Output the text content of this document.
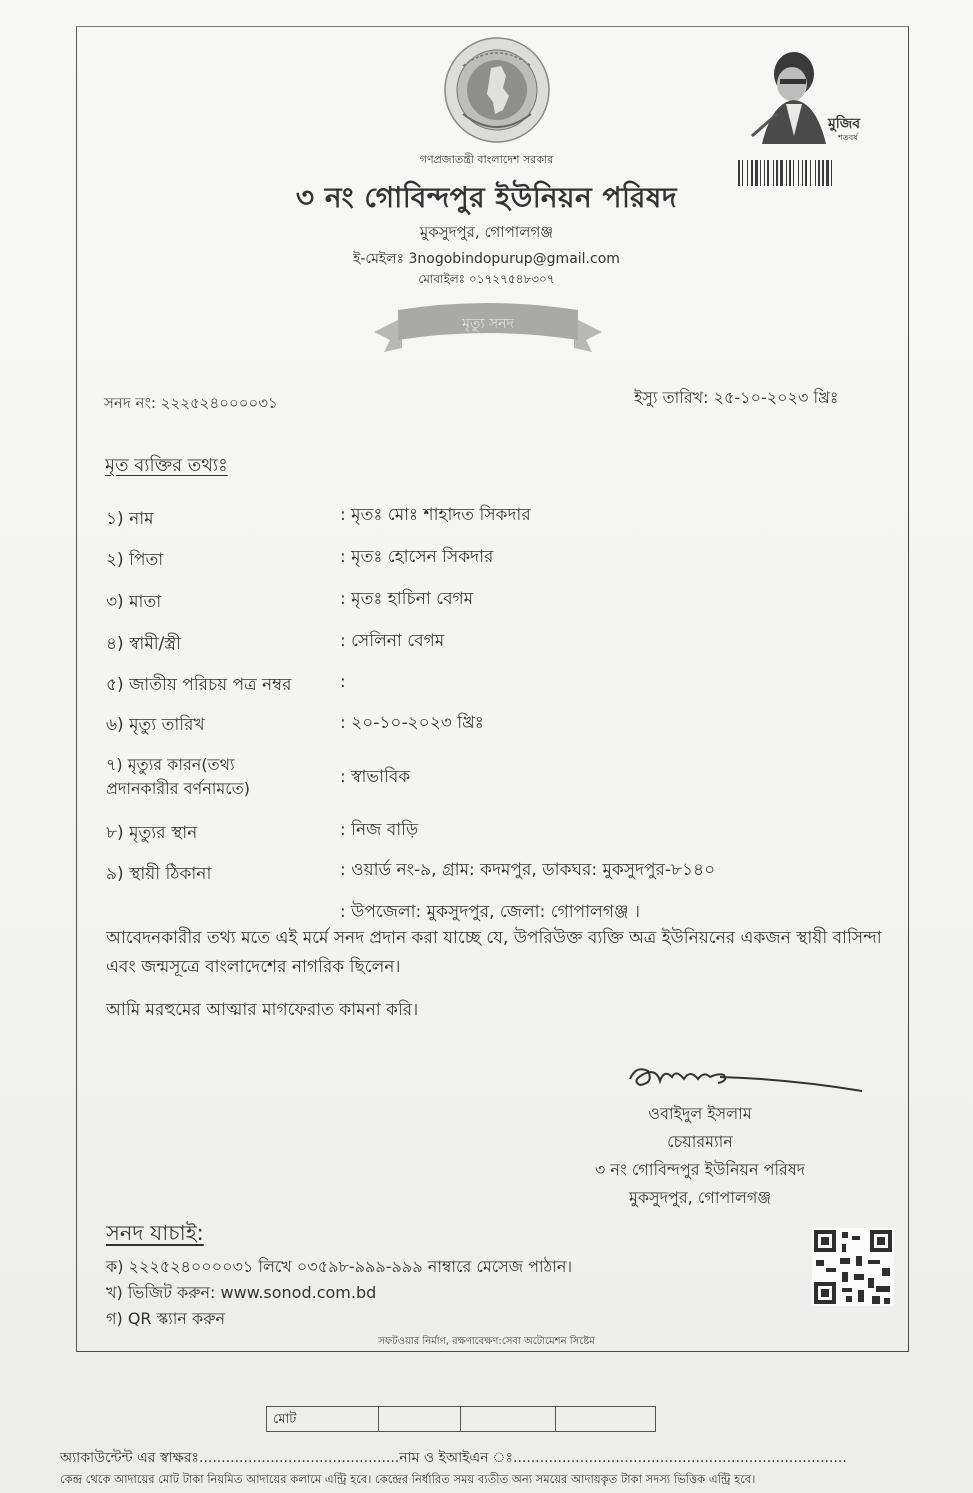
মুজিব
শতবর্ষ
গণপ্রজাতন্ত্রী বাংলাদেশ সরকার
৩ নং গোবিন্দপুর ইউনিয়ন পরিষদ
মুকসুদপুর, গোপালগঞ্জ
ই-মেইলঃ 3nogobindopurup@gmail.com
মোবাইলঃ ০১৭২৭৫৪৮৩০৭
মৃত্যু সনদ
সনদ নং: ২২২৫২৪০০০০৩১	ইস্যু তারিখ: ২৫-১০-২০২৩ খ্রিঃ
মৃত ব্যক্তির তথ্যঃ
১) নাম	: মৃতঃ মোঃ শাহাদত সিকদার
২) পিতা	: মৃতঃ হোসেন সিকদার
৩) মাতা	: মৃতঃ হাচিনা বেগম
৪) স্বামী/স্ত্রী	: সেলিনা বেগম
৫) জাতীয় পরিচয় পত্র নম্বর	:
৬) মৃত্যু তারিখ	: ২০-১০-২০২৩ খ্রিঃ
৭) মৃত্যুর কারন(তথ্য
প্রদানকারীর বর্ণনামতে)
: স্বাভাবিক
৮) মৃত্যুর স্থান	: নিজ বাড়ি
৯) স্থায়ী ঠিকানা	: ওয়ার্ড নং-৯, গ্রাম: কদমপুর, ডাকঘর: মুকসুদপুর-৮১৪০
: উপজেলা: মুকসুদপুর, জেলা: গোপালগঞ্জ ।
আবেদনকারীর তথ্য মতে এই মর্মে সনদ প্রদান করা যাচ্ছে যে, উপরিউক্ত ব্যক্তি অত্র ইউনিয়নের একজন স্থায়ী বাসিন্দা এবং জন্মসূত্রে বাংলাদেশের নাগরিক ছিলেন।
আমি মরহুমের আত্মার মাগফেরাত কামনা করি।
ওবাইদুল ইসলাম
চেয়ারম্যান
৩ নং গোবিন্দপুর ইউনিয়ন পরিষদ
মুকসুদপুর, গোপালগঞ্জ
সনদ যাচাই:
ক) ২২২৫২৪০০০০৩১ লিখে ০৩৫৯৮-৯৯৯-৯৯৯ নাম্বারে মেসেজ পাঠান।
খ) ভিজিট করুন: www.sonod.com.bd
গ) QR স্ক্যান করুন
সফটওয়ার নির্মাণ, রক্ষণাবেক্ষণ:সেবা অটোমেশন সিষ্টেম
মোট
অ্যাকাউন্টেন্ট এর স্বাক্ষরঃ.............................................নাম ও ইআইএন ঃ...........................................................................
কেন্দ্র থেকে আদায়ের মোট টাকা নিয়মিত আদায়ের কলামে এন্ট্রি হবে। কেন্দ্রের নির্ধারিত সময় ব্যতীত অন্য সময়ের আদায়কৃত টাকা সদস্য ভিত্তিক এন্ট্রি হবে।
